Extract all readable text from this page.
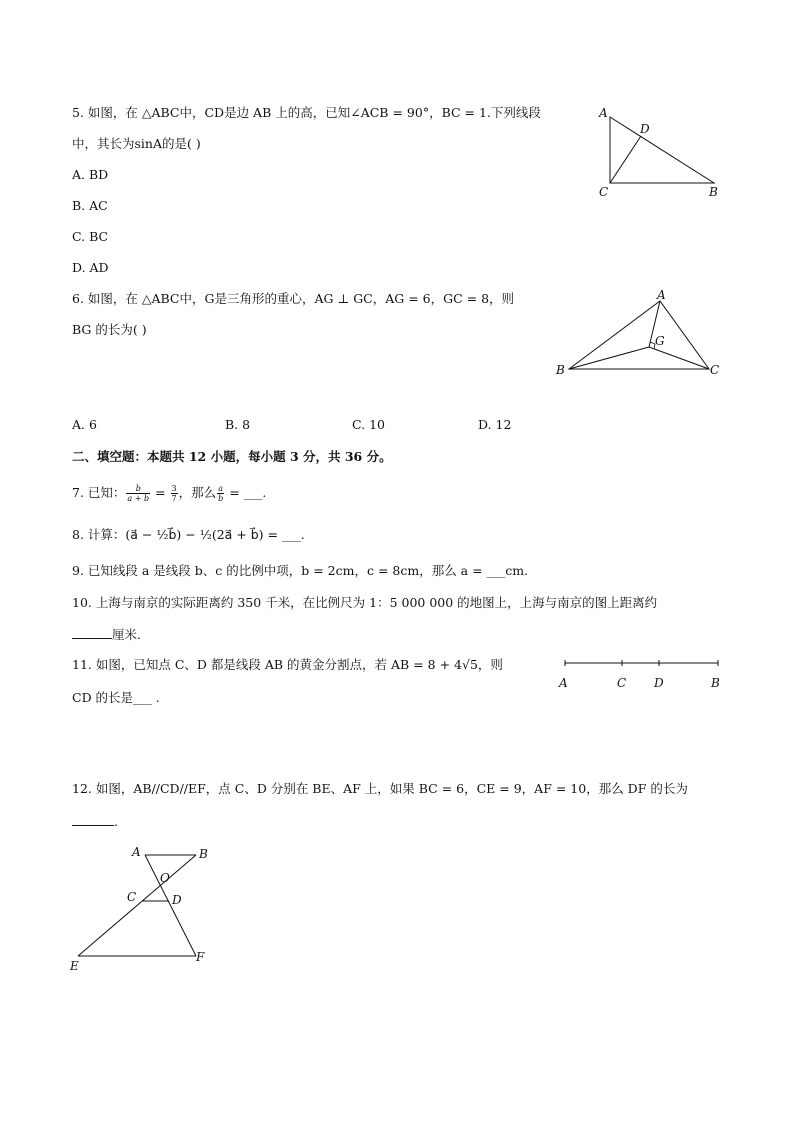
5. 如图，在 △ABC中，CD是边 AB 上的高，已知∠ACB = 90°，BC = 1.下列线段
中，其长为sinA的是( )
A. BD
B. AC
C. BC
D. AD
A
D
C	B
6. 如图，在 △ABC中，G是三角形的重心，AG ⊥ GC，AG = 6，GC = 8，则
BG 的长为( )
A
G
B	C
A. 6	B. 8	C. 10	D. 12
二、填空题：本题共 12 小题，每小题 3 分，共 36 分。
7. 已知： $\frac{b}{a + b} = \frac{3}{7}$ ，那么 $\frac{a}{b}$ = ___.
8. 计算：(a⃗ − ½b⃗) − ½(2a⃗ + b⃗) = ___.
9. 已知线段 a 是线段 b、c 的比例中项，b = 2cm，c = 8cm，那么 a = ___cm.
10. 上海与南京的实际距离约 350 千米，在比例尺为 1：5 000 000 的地图上，上海与南京的图上距离约
厘米.
11. 如图，已知点 C、D 都是线段 AB 的黄金分割点，若 AB = 8 + 4√5，则
CD 的长是___ .
A	C D	B
12. 如图，AB//CD//EF，点 C、D 分别在 BE、AF 上，如果 BC = 6，CE = 9，AF = 10，那么 DF 的长为
.
A	B
O
C	D
E
F
